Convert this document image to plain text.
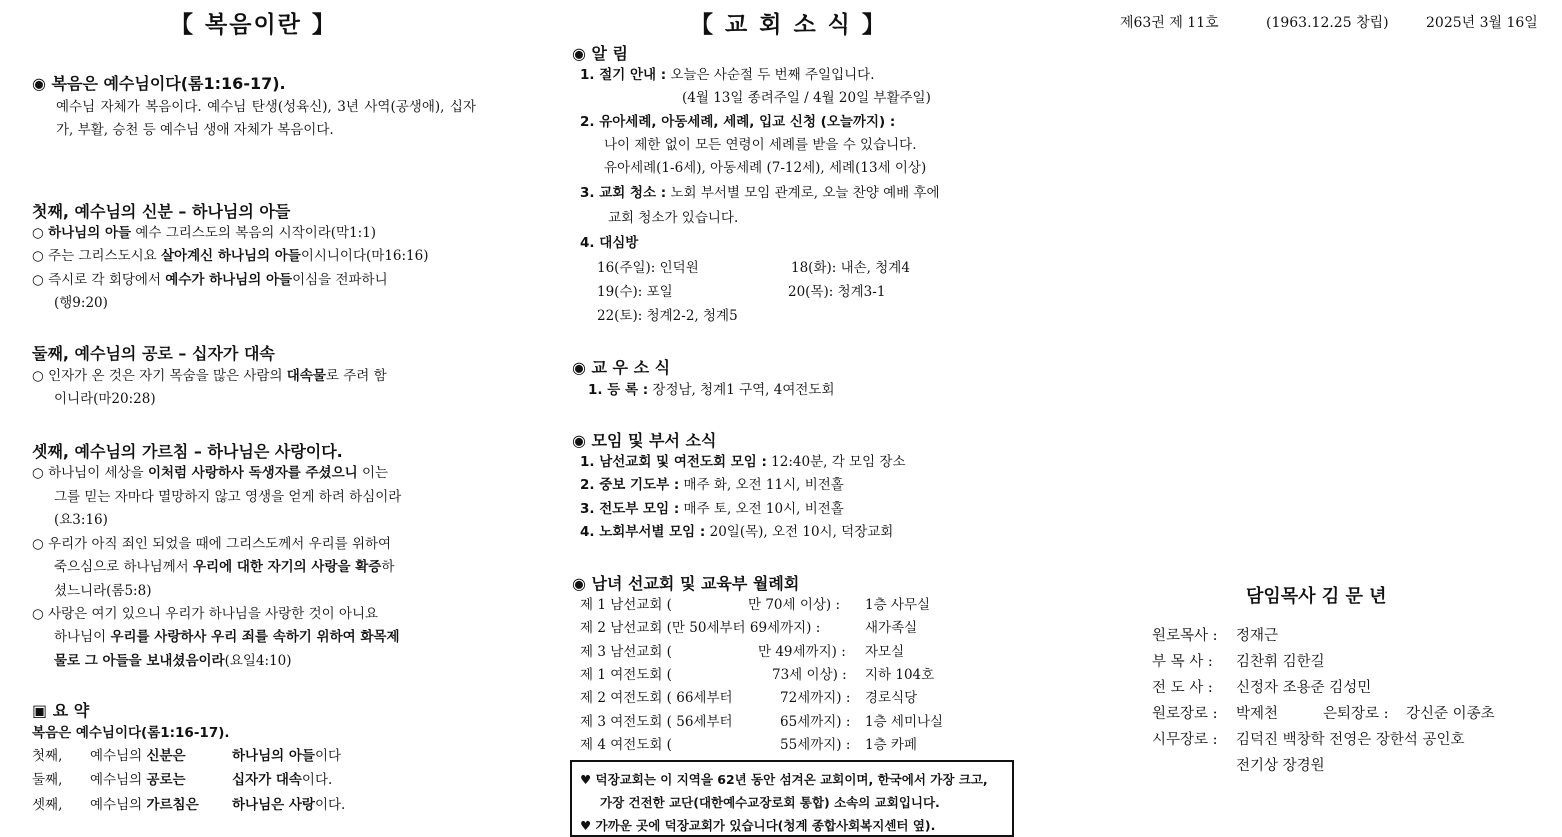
【 복음이란 】	【 교 회 소 식 】	제63권 제 11호	(1963.12.25 창립)	2025년 3월 16일
◉ 복음은 예수님이다(롬1:16-17).
예수님 자체가 복음이다. 예수님 탄생(성육신), 3년 사역(공생애), 십자가, 부활, 승천 등 예수님 생애 자체가 복음이다.
첫째, 예수님의 신분 – 하나님의 아들
○ 하나님의 아들 예수 그리스도의 복음의 시작이라(막1:1)
○ 주는 그리스도시요 살아계신 하나님의 아들이시니이다(마16:16)
○ 즉시로 각 회당에서 예수가 하나님의 아들이심을 전파하니
(행9:20)
둘째, 예수님의 공로 – 십자가 대속
○ 인자가 온 것은 자기 목숨을 많은 사람의 대속물로 주려 함
이니라(마20:28)
셋째, 예수님의 가르침 – 하나님은 사랑이다.
○ 하나님이 세상을 이처럼 사랑하사 독생자를 주셨으니 이는
그를 믿는 자마다 멸망하지 않고 영생을 얻게 하려 하심이라
(요3:16)
○ 우리가 아직 죄인 되었을 때에 그리스도께서 우리를 위하여
죽으심으로 하나님께서 우리에 대한 자기의 사랑을 확증하
셨느니라(롬5:8)
○ 사랑은 여기 있으니 우리가 하나님을 사랑한 것이 아니요
하나님이 우리를 사랑하사 우리 죄를 속하기 위하여 화목제
물로 그 아들을 보내셨음이라(요일4:10)
▣ 요 약
복음은 예수님이다(롬1:16-17).
첫째, 예수님의 신분은	하나님의 아들이다
둘째, 예수님의 공로는	십자가 대속이다.
셋째, 예수님의 가르침은 하나님은 사랑이다.
◉ 알 림
1. 절기 안내 : 오늘은 사순절 두 번째 주일입니다.
(4월 13일 종려주일 / 4월 20일 부활주일)
2. 유아세례, 아동세례, 세례, 입교 신청 (오늘까지) :
나이 제한 없이 모든 연령이 세례를 받을 수 있습니다.
유아세례(1-6세), 아동세례 (7-12세), 세례(13세 이상)
3. 교회 청소 : 노회 부서별 모임 관계로, 오늘 찬양 예배 후에
교회 청소가 있습니다.
4. 대심방
16(주일): 인덕원	18(화): 내손, 청계4
19(수): 포일	20(목): 청계3-1
22(토): 청계2-2, 청계5
◉ 교 우 소 식
1. 등 록 : 장정남, 청계1 구역, 4여전도회
◉ 모임 및 부서 소식
1. 남선교회 및 여전도회 모임 : 12:40분, 각 모임 장소
2. 중보 기도부 : 매주 화, 오전 11시, 비전홀
3. 전도부 모임 : 매주 토, 오전 10시, 비전홀
4. 노회부서별 모임 : 20일(목), 오전 10시, 덕장교회
◉ 남녀 선교회 및 교육부 월례회
제 1 남선교회 (	만 70세 이상) : 1층 사무실
제 2 남선교회 (만 50세부터 69세까지) :	새가족실
제 3 남선교회 (	만 49세까지) : 자모실
제 1 여전도회 (	73세 이상) : 지하 104호
제 2 여전도회 ( 66세부터	72세까지) : 경로식당
제 3 여전도회 ( 56세부터	65세까지) : 1층 세미나실
제 4 여전도회 (	55세까지) : 1층 카페
♥ 덕장교회는 이 지역을 62년 동안 섬겨온 교회이며, 한국에서 가장 크고,
가장 건전한 교단(대한예수교장로회 통합) 소속의 교회입니다.
♥ 가까운 곳에 덕장교회가 있습니다(청계 종합사회복지센터 옆).
담임목사 김 문 년
원로목사 : 정재근
부 목 사 : 김찬휘 김한길
전 도 사 : 신정자 조용준 김성민
원로장로 : 박제천	은퇴장로 : 강신준 이종초
시무장로 : 김덕진 백창학 전영은 장한석 공인호
전기상 장경원
